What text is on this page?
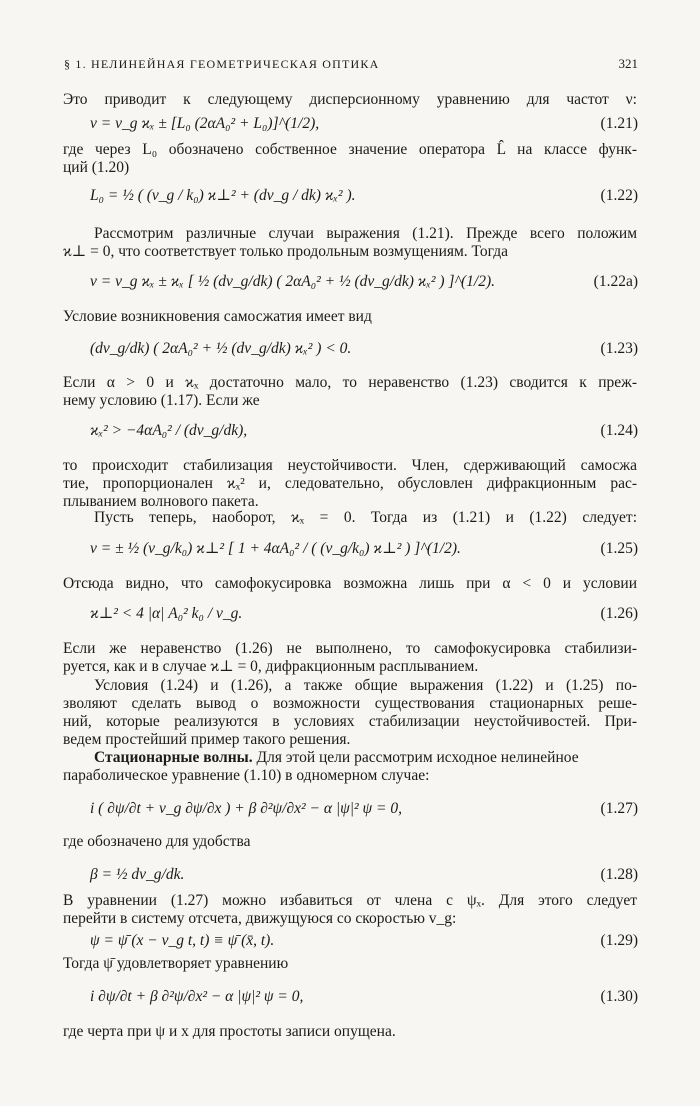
§ 1. НЕЛИНЕЙНАЯ ГЕОМЕТРИЧЕСКАЯ ОПТИКА	321
Это приводит к следующему дисперсионному уравнению для частот ν:
ν = v_g ϰₓ ± [L₀ (2αA₀² + L₀)]^(1/2),	(1.21)
где через L₀ обозначено собственное значение оператора L̂ на классе функ-
ций (1.20)
L₀ = ½ ( (v_g / k₀) ϰ⊥² + (dv_g / dk) ϰₓ² ).	(1.22)
Рассмотрим различные случаи выражения (1.21). Прежде всего положим
ϰ⊥ = 0, что соответствует только продольным возмущениям. Тогда
ν = v_g ϰₓ ± ϰₓ [ ½ (dv_g/dk) ( 2αA₀² + ½ (dv_g/dk) ϰₓ² ) ]^(1/2).	(1.22a)
Условие возникновения самосжатия имеет вид
(dv_g/dk) ( 2αA₀² + ½ (dv_g/dk) ϰₓ² ) < 0.	(1.23)
Если α > 0 и ϰₓ достаточно мало, то неравенство (1.23) сводится к преж-
нему условию (1.17). Если же
ϰₓ² > −4αA₀² / (dv_g/dk),	(1.24)
то происходит стабилизация неустойчивости. Член, сдерживающий самосжа
тие, пропорционален ϰₓ² и, следовательно, обусловлен дифракционным рас-
плыванием волнового пакета.
Пусть теперь, наоборот, ϰₓ = 0. Тогда из (1.21) и (1.22) следует:
ν = ± ½ (v_g/k₀) ϰ⊥² [ 1 + 4αA₀² / ( (v_g/k₀) ϰ⊥² ) ]^(1/2).	(1.25)
Отсюда видно, что самофокусировка возможна лишь при α < 0 и условии
ϰ⊥² < 4 |α| A₀² k₀ / v_g.	(1.26)
Если же неравенство (1.26) не выполнено, то самофокусировка стабилизи-
руется, как и в случае ϰ⊥ = 0, дифракционным расплыванием.
Условия (1.24) и (1.26), а также общие выражения (1.22) и (1.25) по-
зволяют сделать вывод о возможности существования стационарных реше-
ний, которые реализуются в условиях стабилизации неустойчивостей. При-
ведем простейший пример такого решения.
Стационарные волны. Для этой цели рассмотрим исходное нелинейное
параболическое уравнение (1.10) в одномерном случае:
i ( ∂ψ/∂t + v_g ∂ψ/∂x ) + β ∂²ψ/∂x² − α |ψ|² ψ = 0,	(1.27)
где обозначено для удобства
β = ½ dv_g/dk.	(1.28)
В уравнении (1.27) можно избавиться от члена с ψₓ. Для этого следует
перейти в систему отсчета, движущуюся со скоростью v_g:
ψ = ψ̄ (x − v_g t, t) ≡ ψ̄ (x̄, t).	(1.29)
Тогда ψ̄ удовлетворяет уравнению
i ∂ψ/∂t + β ∂²ψ/∂x² − α |ψ|² ψ = 0,	(1.30)
где черта при ψ и x для простоты записи опущена.
